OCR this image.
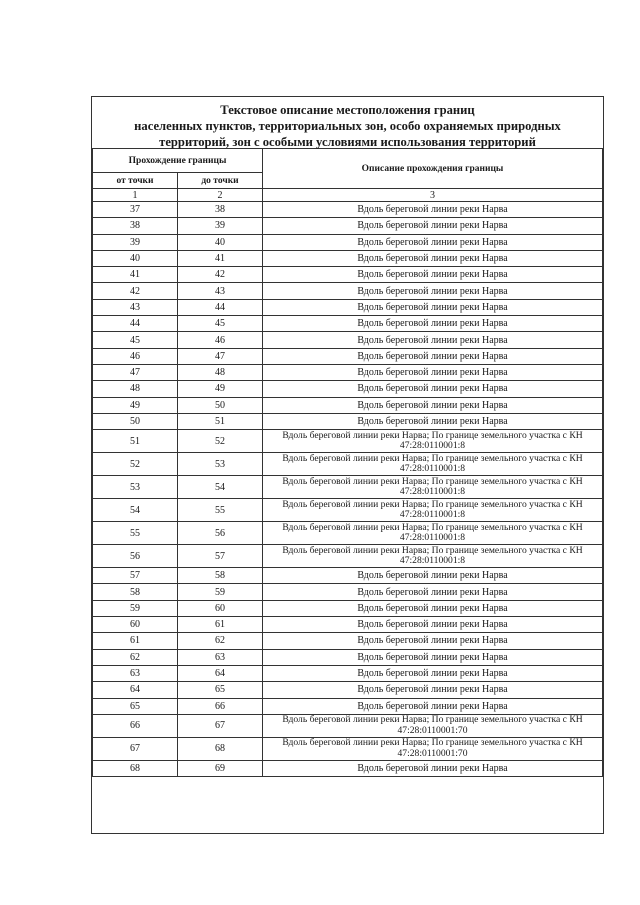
Текстовое описание местоположения границ
населенных пунктов, территориальных зон, особо охраняемых природных
территорий, зон с особыми условиями использования территорий
Прохождение границы		Описание прохождения границы
от точки	до точки	
1	2	3
37	38	Вдоль береговой линии реки Нарва
38	39	Вдоль береговой линии реки Нарва
39	40	Вдоль береговой линии реки Нарва
40	41	Вдоль береговой линии реки Нарва
41	42	Вдоль береговой линии реки Нарва
42	43	Вдоль береговой линии реки Нарва
43	44	Вдоль береговой линии реки Нарва
44	45	Вдоль береговой линии реки Нарва
45	46	Вдоль береговой линии реки Нарва
46	47	Вдоль береговой линии реки Нарва
47	48	Вдоль береговой линии реки Нарва
48	49	Вдоль береговой линии реки Нарва
49	50	Вдоль береговой линии реки Нарва
50	51	Вдоль береговой линии реки Нарва
51	52	Вдоль береговой линии реки Нарва; По границе земельного участка с КН 47:28:0110001:8
52	53	Вдоль береговой линии реки Нарва; По границе земельного участка с КН 47:28:0110001:8
53	54	Вдоль береговой линии реки Нарва; По границе земельного участка с КН 47:28:0110001:8
54	55	Вдоль береговой линии реки Нарва; По границе земельного участка с КН 47:28:0110001:8
55	56	Вдоль береговой линии реки Нарва; По границе земельного участка с КН 47:28:0110001:8
56	57	Вдоль береговой линии реки Нарва; По границе земельного участка с КН 47:28:0110001:8
57	58	Вдоль береговой линии реки Нарва
58	59	Вдоль береговой линии реки Нарва
59	60	Вдоль береговой линии реки Нарва
60	61	Вдоль береговой линии реки Нарва
61	62	Вдоль береговой линии реки Нарва
62	63	Вдоль береговой линии реки Нарва
63	64	Вдоль береговой линии реки Нарва
64	65	Вдоль береговой линии реки Нарва
65	66	Вдоль береговой линии реки Нарва
66	67	Вдоль береговой линии реки Нарва; По границе земельного участка с КН 47:28:0110001:70
67	68	Вдоль береговой линии реки Нарва; По границе земельного участка с КН 47:28:0110001:70
68	69	Вдоль береговой линии реки Нарва
